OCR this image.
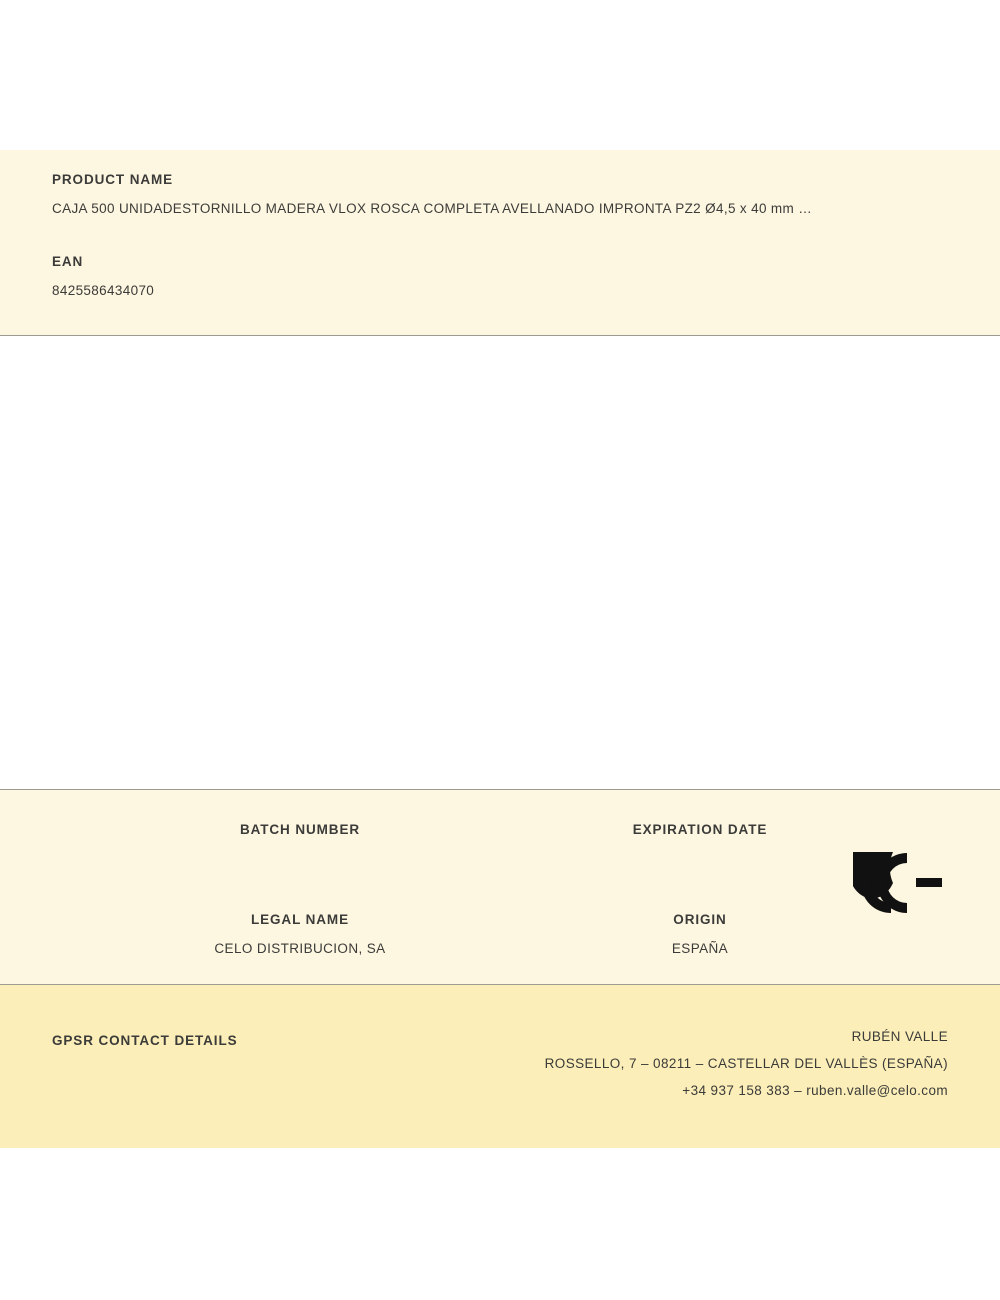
PRODUCT NAME

CAJA 500 UNIDADESTORNILLO MADERA VLOX ROSCA COMPLETA AVELLANADO IMPRONTA PZ2 Ø4,5 x 40 mm …

EAN

8425586434070

BATCH NUMBER	EXPIRATION DATE

LEGAL NAME

CELO DISTRIBUCION, SA

ORIGIN

ESPAÑA

GPSR CONTACT DETAILS	RUBÉN VALLE

ROSSELLO, 7 – 08211 – CASTELLAR DEL VALLÈS (ESPAÑA)

+34 937 158 383 – ruben.valle@celo.com
